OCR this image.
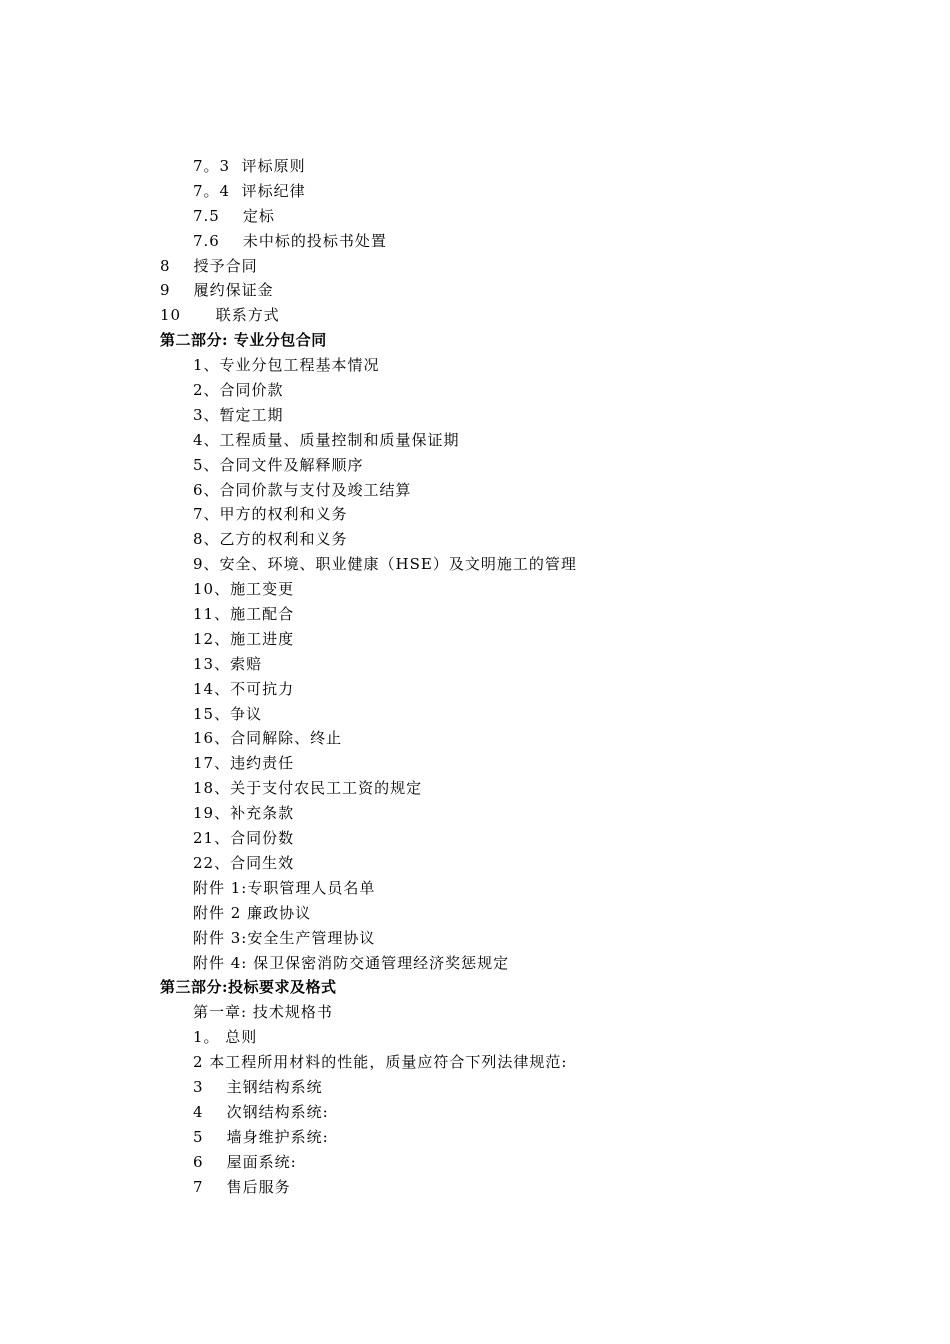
7。3  评标原则
7。4  评标纪律
7.5    定标
7.6    未中标的投标书处置
8    授予合同
9    履约保证金
10      联系方式
第二部分: 专业分包合同
1、专业分包工程基本情况
2、合同价款
3、暂定工期
4、工程质量、质量控制和质量保证期
5、合同文件及解释顺序
6、合同价款与支付及竣工结算
7、甲方的权利和义务
8、乙方的权利和义务
9、安全、环境、职业健康（HSE）及文明施工的管理
10、施工变更
11、施工配合
12、施工进度
13、索赔
14、不可抗力
15、争议
16、合同解除、终止
17、违约责任
18、关于支付农民工工资的规定
19、补充条款
21、合同份数
22、合同生效
附件 1:专职管理人员名单
附件 2 廉政协议
附件 3:安全生产管理协议
附件 4: 保卫保密消防交通管理经济奖惩规定
第三部分:投标要求及格式
第一章: 技术规格书
1。 总则
2 本工程所用材料的性能，质量应符合下列法律规范:
3    主钢结构系统
4    次钢结构系统:
5    墙身维护系统:
6    屋面系统:
7    售后服务
